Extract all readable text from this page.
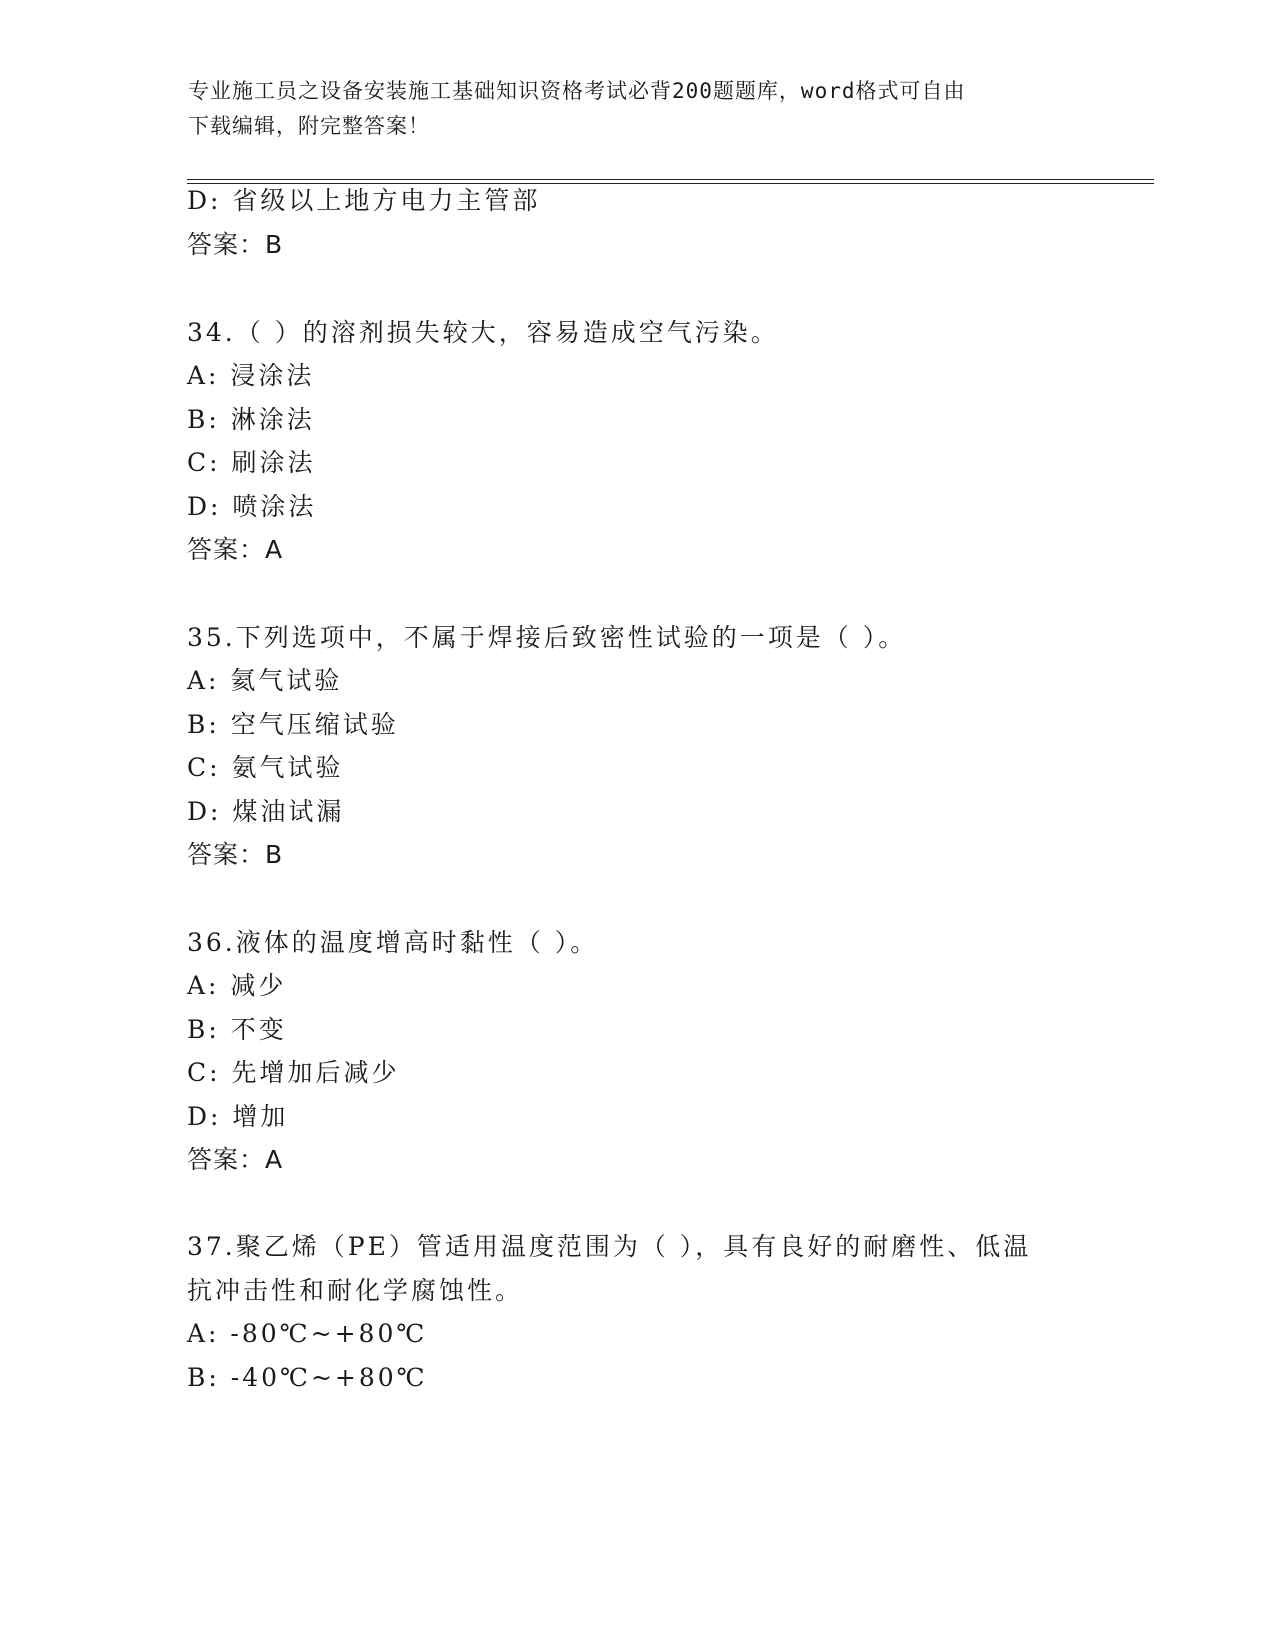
专业施工员之设备安装施工基础知识资格考试必背200题题库，word格式可自由
下载编辑，附完整答案！
D: 省级以上地方电力主管部
答案：B
34.（ ）的溶剂损失较大，容易造成空气污染。
A: 浸涂法
B: 淋涂法
C: 刷涂法
D: 喷涂法
答案：A
35.下列选项中，不属于焊接后致密性试验的一项是（ ）。
A: 氦气试验
B: 空气压缩试验
C: 氨气试验
D: 煤油试漏
答案：B
36.液体的温度增高时黏性（ ）。
A: 减少
B: 不变
C: 先增加后减少
D: 增加
答案：A
37.聚乙烯（PE）管适用温度范围为（ ），具有良好的耐磨性、低温
抗冲击性和耐化学腐蚀性。
A: -80℃~+80℃
B: -40℃~+80℃
